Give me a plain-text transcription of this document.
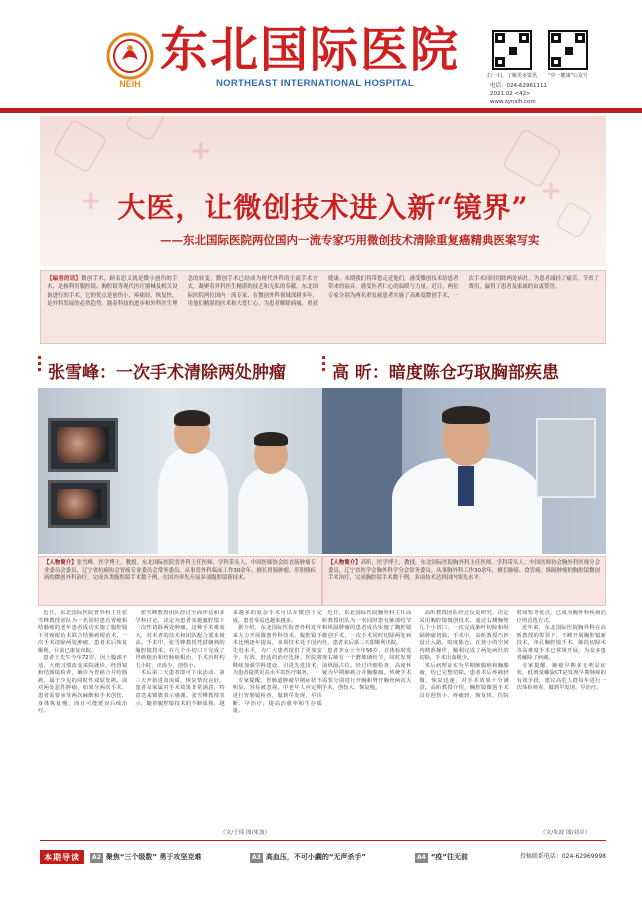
NEIH
东北国际医院
NORTHEAST INTERNATIONAL HOSPITAL
扫一扫，了解更多资讯	"中一健康"公众号
电话：024-62961111
2021.02 <42>
www.zynsih.com
+	+
+
大医，让微创技术进入新“镜界”
——东北国际医院两位国内一流专家巧用微创技术清除重复癌精典医案写实
【编者的话】微创手术，顾名思义就是微小创伤的手术，是指利用腹腔镜、胸腔镜等现代医疗器械及相关设备进行的手术。它的优点是创伤小、疼痛轻、恢复快，是外科发展的必然趋势。随着科技的进步和外科医生理念的转变，微创手术已经成为现代外科的主流手术方式，凝聚着外科医生精湛的技艺和无私的奉献。东北国际医院两位国内一流专家，在微创外科领域深耕多年，用他们精湛的医术和大爱仁心，为患者解除病痛，重获健康。本期我们将带您走近他们，感受微创技术给患者带来的福音，感受医者仁心的温暖与力量。近日，两位专家分别为两名重复癌患者实施了高难度微创手术，一次手术同时切除两处病灶，为患者减轻了痛苦，节省了费用，赢得了患者及家属的由衷赞誉。
张雪峰：一次手术清除两处肿瘤	高 昕：暗度陈仓巧取胸部疾患
【人物简介】张雪峰，医学博士，教授，东北国际医院普外科主任医师、学科带头人。中国医师协会结直肠肿瘤专业委员会委员，辽宁省抗癌协会胃癌专业委员会常务委员。从事普外科临床工作30余年，擅长胃肠肿瘤、肝胆胰疾病的微创外科治疗，完成各类腹腔镜手术数千例，在国内率先开展多项腹腔镜新技术。
【人物简介】高昕，医学博士，教授，东北国际医院胸外科主任医师、学科带头人。中国医师协会胸外科医师分会委员，辽宁省医学会胸外科学分会常务委员。从事胸外科工作30余年，擅长肺癌、食管癌、纵隔肿瘤的胸腔镜微创手术治疗，完成胸腔镜手术数千例，多项技术达到国内领先水平。

近日，东北国际医院普外科主任张雪峰教授团队为一名同时患有胃癌和结肠癌的老年患者成功实施了腹腔镜下胃癌根治术联合结肠癌根治术，一次手术清除两处肿瘤，患者术后恢复顺利，目前已康复出院。

患者王先生今年72岁，因上腹部不适、大便习惯改变来院就诊。经胃镜和结肠镜检查，确诊为胃癌合并结肠癌，属于少见的同时性双原发癌。面对两处恶性肿瘤，如果分两次手术，患者需要承受两次麻醉和手术创伤，身体恢复慢，而且可能延误后续治疗。

张雪峰教授团队经过全面评估和多学科讨论，决定为患者实施腹腔镜下一次性切除两处肿瘤。这种手术难度大，对术者的技术和团队配合要求极高。手术中，张雪峰教授凭借娴熟的腹腔镜技术，在几个小切口下完成了胃癌根治和结肠癌根治，手术历时约五小时，出血少，创伤小。

术后第二天患者即可下床活动，第三天开始进食流质，恢复情况良好。患者及家属对手术效果非常满意，特意送来锦旗表示感谢。张雪峰教授表示，随着腹腔镜技术的不断成熟，越来越多的复杂手术可以在微创下完成，患者受益也越来越多。

据介绍，东北国际医院普外科近年来大力开展微创外科技术，腹腔镜手术比例逐年提高，多项技术处于国内先进水平，为广大患者提供了更加安全、有效、舒适的治疗选择。医院将继续加强学科建设，引进先进技术，为患者提供更高水平的医疗服务。

专家提醒，胃肠道肿瘤早期症状不明显，容易被忽视。中老年人应定期进行胃肠镜检查，做到早发现、早诊断、早治疗，提高治愈率和生存质量。

近日，东北国际医院胸外科主任高昕教授团队为一名同时患有肺部结节和纵隔肿瘤的患者成功实施了胸腔镜微创手术，一次手术同时切除两处病灶，患者术后第三天即顺利出院。

患者李女士今年56岁，在体检时发现右肺有一个磨玻璃结节，同时发现前纵隔占位。经过详细检查，高度怀疑为早期肺癌合并胸腺瘤。传统手术需要分别进行开胸和劈开胸骨两次大手术，创伤大、恢复慢。

高昕教授团队经过反复研究，决定采用胸腔镜微创技术，通过右侧胸壁几个小切口，一次完成肺叶切除和纵隔肿瘤切除。手术中，高昕教授巧妙设计入路，暗度陈仓，在狭小的空间内精准操作，顺利完成了两处病灶的切除，手术出血极少。

术后病理证实为早期肺腺癌和胸腺瘤，均已完整切除。患者术后疼痛轻微，恢复迅速，对手术效果十分满意。高昕教授介绍，胸腔镜微创手术具有创伤小、疼痛轻、恢复快、住院时间短等优点，已成为胸外科疾病治疗的首选方式。

近年来，东北国际医院胸外科在高昕教授的带领下，不断开展胸腔镜新技术，单孔胸腔镜手术、肺段切除术等高难度手术已常规开展，为众多患者解除了病痛。

专家提醒，肺癌早期多无明显症状，低剂量螺旋CT是发现早期肺癌的有效手段，建议高危人群每年进行一次体检筛查，做到早发现、早治疗。

（文/王琦 图/朱波）	（文/朱波 图/刘卓）
本期导读	A2 聚焦“三个级数” 勇于攻坚克难	A3 高血压，不可小觑的“无声杀手”	A4 “疫”往无前	投稿联系电话：024-62969998
